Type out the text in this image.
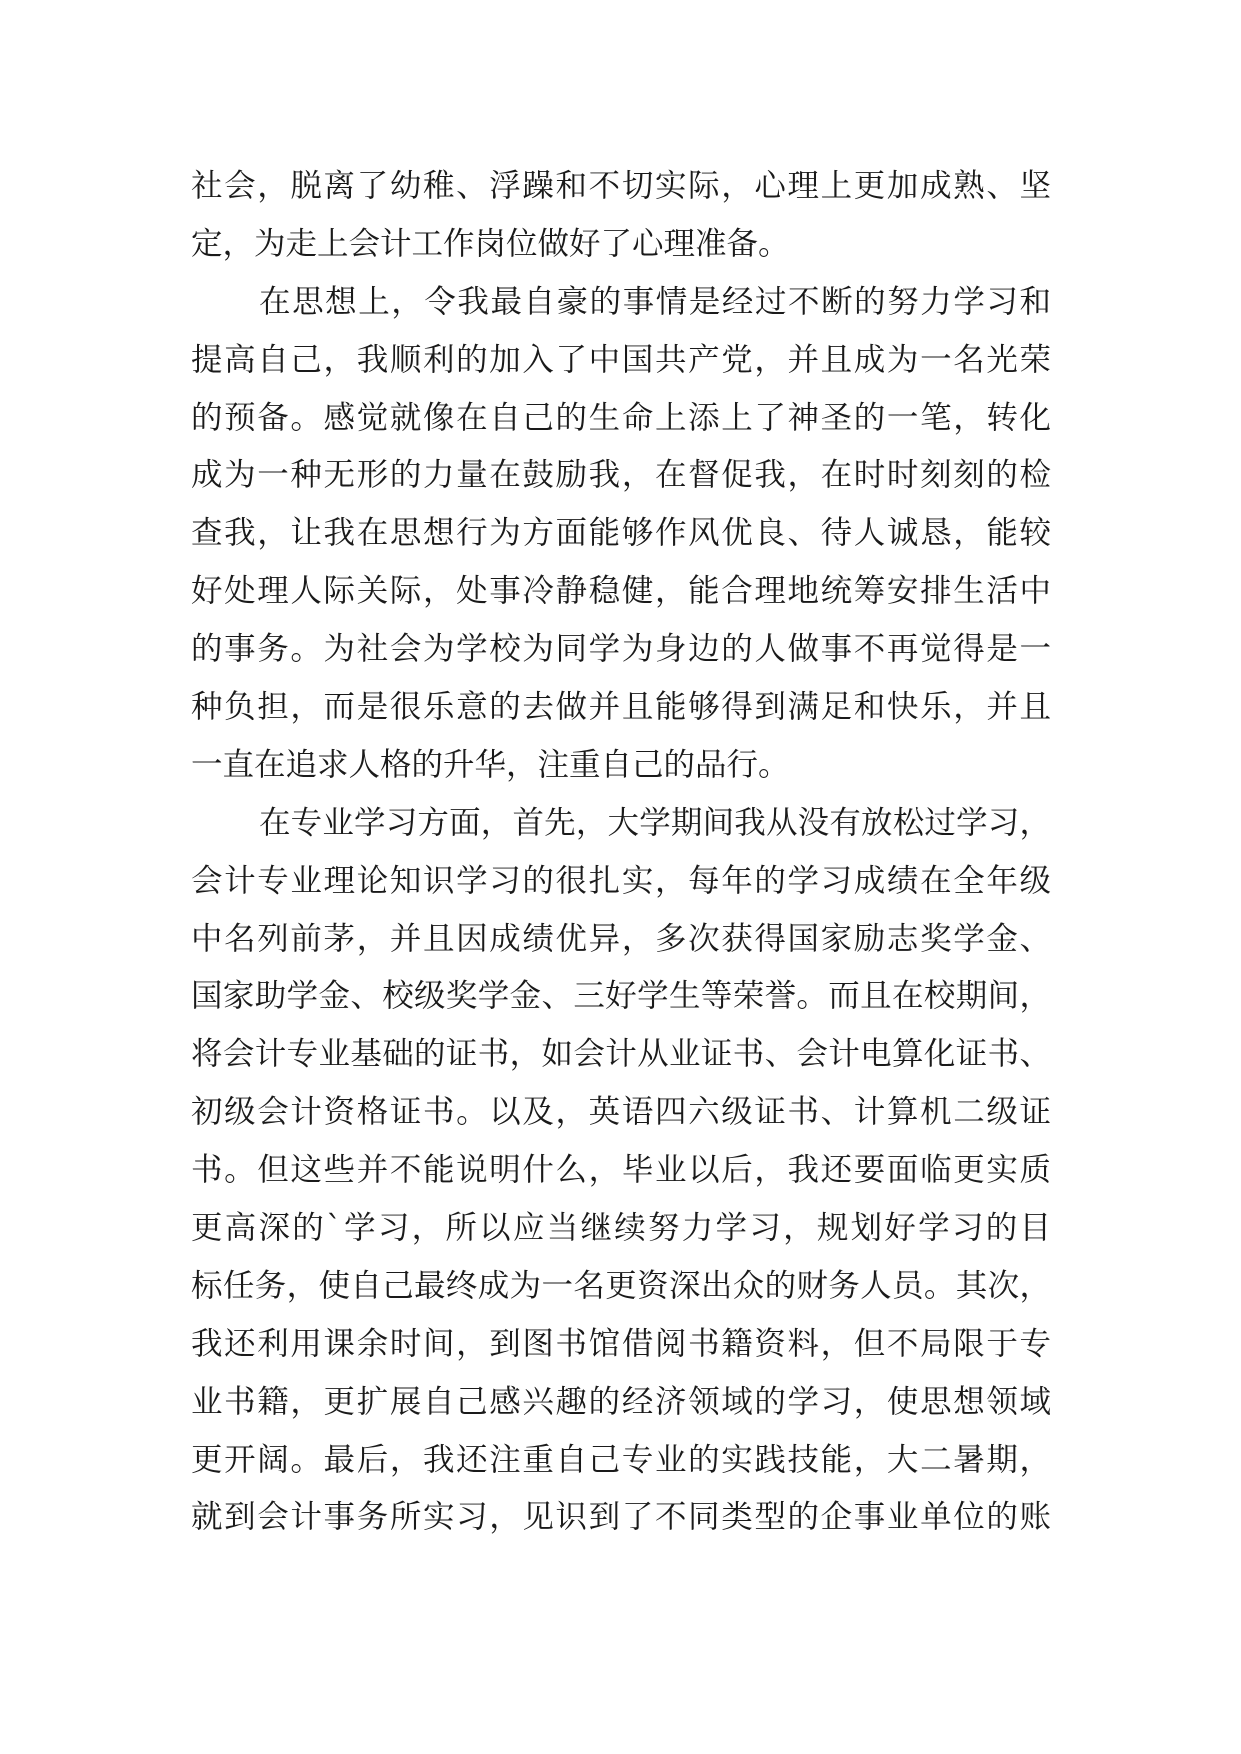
社会，脱离了幼稚、浮躁和不切实际，心理上更加成熟、坚
定，为走上会计工作岗位做好了心理准备。
在思想上，令我最自豪的事情是经过不断的努力学习和
提高自己，我顺利的加入了中国共产党，并且成为一名光荣
的预备。感觉就像在自己的生命上添上了神圣的一笔，转化
成为一种无形的力量在鼓励我，在督促我，在时时刻刻的检
查我，让我在思想行为方面能够作风优良、待人诚恳，能较
好处理人际关际，处事冷静稳健，能合理地统筹安排生活中
的事务。为社会为学校为同学为身边的人做事不再觉得是一
种负担，而是很乐意的去做并且能够得到满足和快乐，并且
一直在追求人格的升华，注重自己的品行。
在专业学习方面，首先，大学期间我从没有放松过学习，
会计专业理论知识学习的很扎实，每年的学习成绩在全年级
中名列前茅，并且因成绩优异，多次获得国家励志奖学金、
国家助学金、校级奖学金、三好学生等荣誉。而且在校期间，
将会计专业基础的证书，如会计从业证书、会计电算化证书、
初级会计资格证书。以及，英语四六级证书、计算机二级证
书。但这些并不能说明什么，毕业以后，我还要面临更实质
更高深的`学习，所以应当继续努力学习，规划好学习的目
标任务，使自己最终成为一名更资深出众的财务人员。其次，
我还利用课余时间，到图书馆借阅书籍资料，但不局限于专
业书籍，更扩展自己感兴趣的经济领域的学习，使思想领域
更开阔。最后，我还注重自己专业的实践技能，大二暑期，
就到会计事务所实习，见识到了不同类型的企事业单位的账
